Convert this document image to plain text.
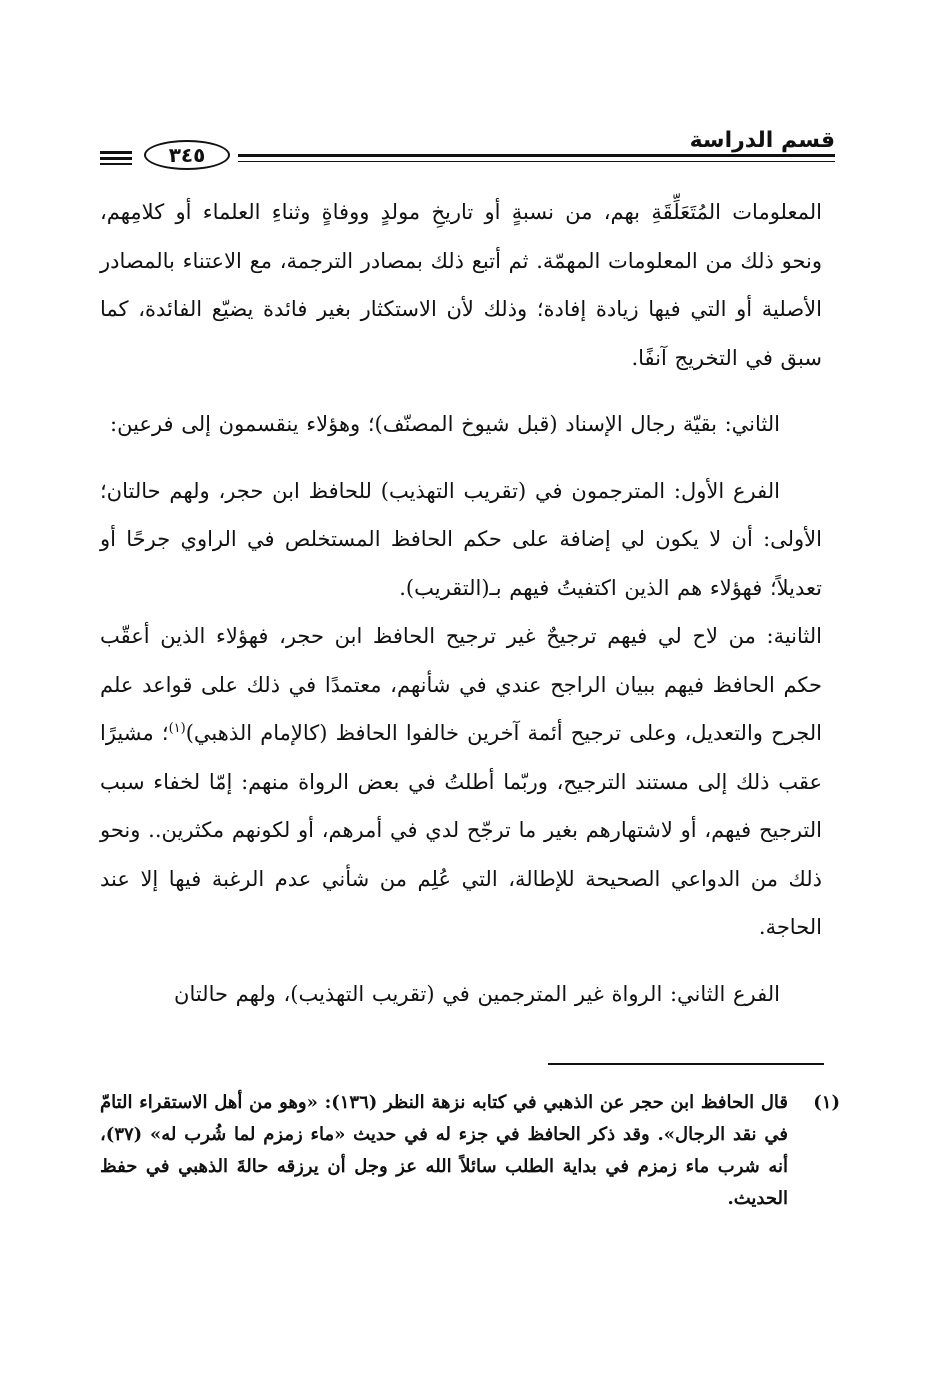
قسم الدراسة
٣٤٥

المعلومات المُتَعَلِّقَةِ بهم، من نسبةٍ أو تاريخِ مولدٍ ووفاةٍ وثناءِ العلماء أو كلامِهم، ونحو ذلك من المعلومات المهمّة. ثم أتبع ذلك بمصادر الترجمة، مع الاعتناء بالمصادر الأصلية أو التي فيها زيادة إفادة؛ وذلك لأن الاستكثار بغير فائدة يضيّع الفائدة، كما سبق في التخريج آنفًا.

الثاني: بقيّة رجال الإسناد (قبل شيوخ المصنّف)؛ وهؤلاء ينقسمون إلى فرعين:

الفرع الأول: المترجمون في (تقريب التهذيب) للحافظ ابن حجر، ولهم حالتان؛ الأولى: أن لا يكون لي إضافة على حكم الحافظ المستخلص في الراوي جرحًا أو تعديلاً؛ فهؤلاء هم الذين اكتفيتُ فيهم بـ(التقريب).

الثانية: من لاح لي فيهم ترجيحٌ غير ترجيح الحافظ ابن حجر، فهؤلاء الذين أعقّب حكم الحافظ فيهم ببيان الراجح عندي في شأنهم، معتمدًا في ذلك على قواعد علم الجرح والتعديل، وعلى ترجيح أئمة آخرين خالفوا الحافظ (كالإمام الذهبي)$^{(١)}$؛ مشيرًا عقب ذلك إلى مستند الترجيح، وربّما أطلتُ في بعض الرواة منهم: إمّا لخفاء سبب الترجيح فيهم، أو لاشتهارهم بغير ما ترجّح لدي في أمرهم، أو لكونهم مكثرين.. ونحو ذلك من الدواعي الصحيحة للإطالة، التي عُلِم من شأني عدم الرغبة فيها إلا عند الحاجة.

الفرع الثاني: الرواة غير المترجمين في (تقريب التهذيب)، ولهم حالتان

(١)
قال الحافظ ابن حجر عن الذهبي في كتابه نزهة النظر (١٣٦): «وهو من أهل الاستقراء التامّ في نقد الرجال». وقد ذكر الحافظ في جزء له في حديث «ماء زمزم لما شُرب له» (٣٧)، أنه شرب ماء زمزم في بداية الطلب سائلاً الله عز وجل أن يرزقه حالةَ الذهبي في حفظ الحديث.
